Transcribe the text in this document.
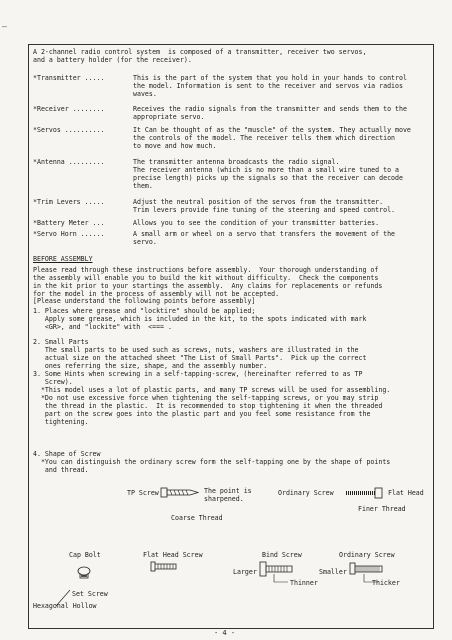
—
A 2-channel radio control system  is composed of a transmitter, receiver two servos,
and a battery holder (for the receiver).
*Transmitter .....	This is the part of the system that you hold in your hands to control
the model. Information is sent to the receiver and servos via radios
waves.
*Receiver ........	Receives the radio signals from the transmitter and sends them to the
appropriate servo.
*Servos ..........	It Can be thought of as the "muscle" of the system. They actually move
the controls of the model. The receiver tells them which direction
to move and how much.
*Antenna .........	The transmitter antenna broadcasts the radio signal.
The receiver antenna (which is no more than a small wire tuned to a
precise length) picks up the signals so that the receiver can decode
them.
*Trim Levers .....	Adjust the neutral position of the servos from the transmitter.
Trim levers provide fine tuning of the steering and speed control.
*Battery Meter ...	Allows you to see the condition of your transmitter batteries.
*Servo Horn ......	A small arm or wheel on a servo that transfers the movement of the
servo.
BEFORE ASSEMBLY
Please read through these instructions before assembly.  Your thorough understanding of
the assembly will enable you to build the kit without difficulty.  Check the components
in the kit prior to your startings the assembly.  Any claims for replacements or refunds
for the model in the process of assembly will not be accepted.
[Please understand the following points before assembly]
1. Places where grease and "locktire" should be applied;
Apply some grease, which is included in the kit, to the spots indicated with mark
<GR>, and "lockite" with  <=== .
2. Small Parts
The small parts to be used such as screws, nuts, washers are illustrated in the
actual size on the attached sheet "The List of Small Parts".  Pick up the correct
ones referring the size, shape, and the assembly number.
3. Some Hints when screwing in a self-tapping-screw, (hereinafter referred to as TP
Screw).
*This model uses a lot of plastic parts, and many TP screws will be used for assembling.
*Do not use excessive force when tightening the self-tapping screws, or you may strip
the thread in the plastic.  It is recommended to stop tightening it when the threaded
part on the screw goes into the plastic part and you feel some resistance from the
tightening.
4. Shape of Screw
*You can distinguish the ordinary screw form the self-tapping one by the shape of points
and thread.
TP Screw	The point is
sharpened.
Coarse Thread
Ordinary Screw	Flat Head
Finer Thread
Cap Bolt
Set Screw
Hexagonal Hollow
Flat Head Screw	Bind Screw
Larger
Thinner
Ordinary Screw
Smaller
Thicker
- 4 -
